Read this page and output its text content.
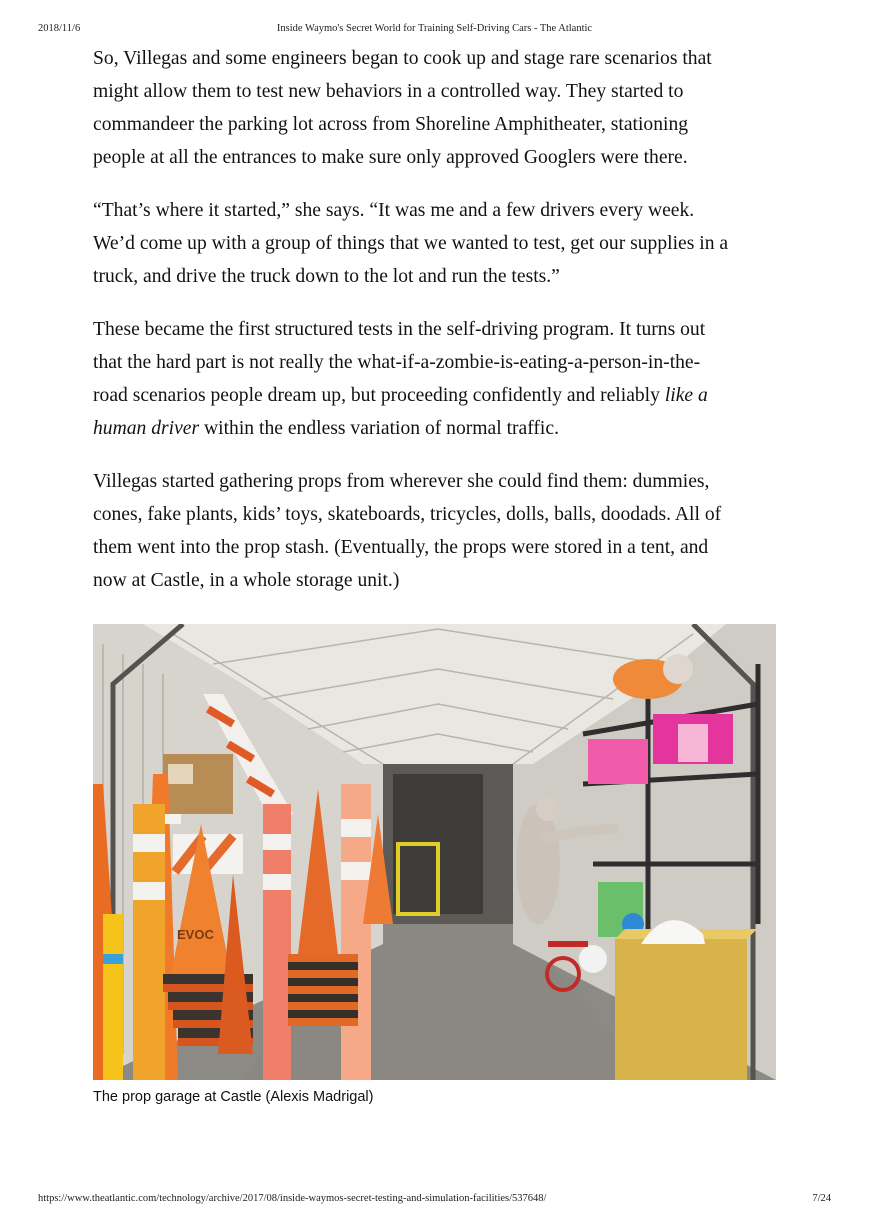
2018/11/6	Inside Waymo's Secret World for Training Self-Driving Cars - The Atlantic

So, Villegas and some engineers began to cook up and stage rare scenarios that
might allow them to test new behaviors in a controlled way. They started to
commandeer the parking lot across from Shoreline Amphitheater, stationing
people at all the entrances to make sure only approved Googlers were there.

“That’s where it started,” she says. “It was me and a few drivers every week.
We’d come up with a group of things that we wanted to test, get our supplies in a
truck, and drive the truck down to the lot and run the tests.”

These became the first structured tests in the self-driving program. It turns out
that the hard part is not really the what-if-a-zombie-is-eating-a-person-in-the-
road scenarios people dream up, but proceeding confidently and reliably like a
human driver within the endless variation of normal traffic.

Villegas started gathering props from wherever she could find them: dummies,
cones, fake plants, kids’ toys, skateboards, tricycles, dolls, balls, doodads. All of
them went into the prop stash. (Eventually, the props were stored in a tent, and
now at Castle, in a whole storage unit.)

EVOC
The prop garage at Castle (Alexis Madrigal)
https://www.theatlantic.com/technology/archive/2017/08/inside-waymos-secret-testing-and-simulation-facilities/537648/	7/24
